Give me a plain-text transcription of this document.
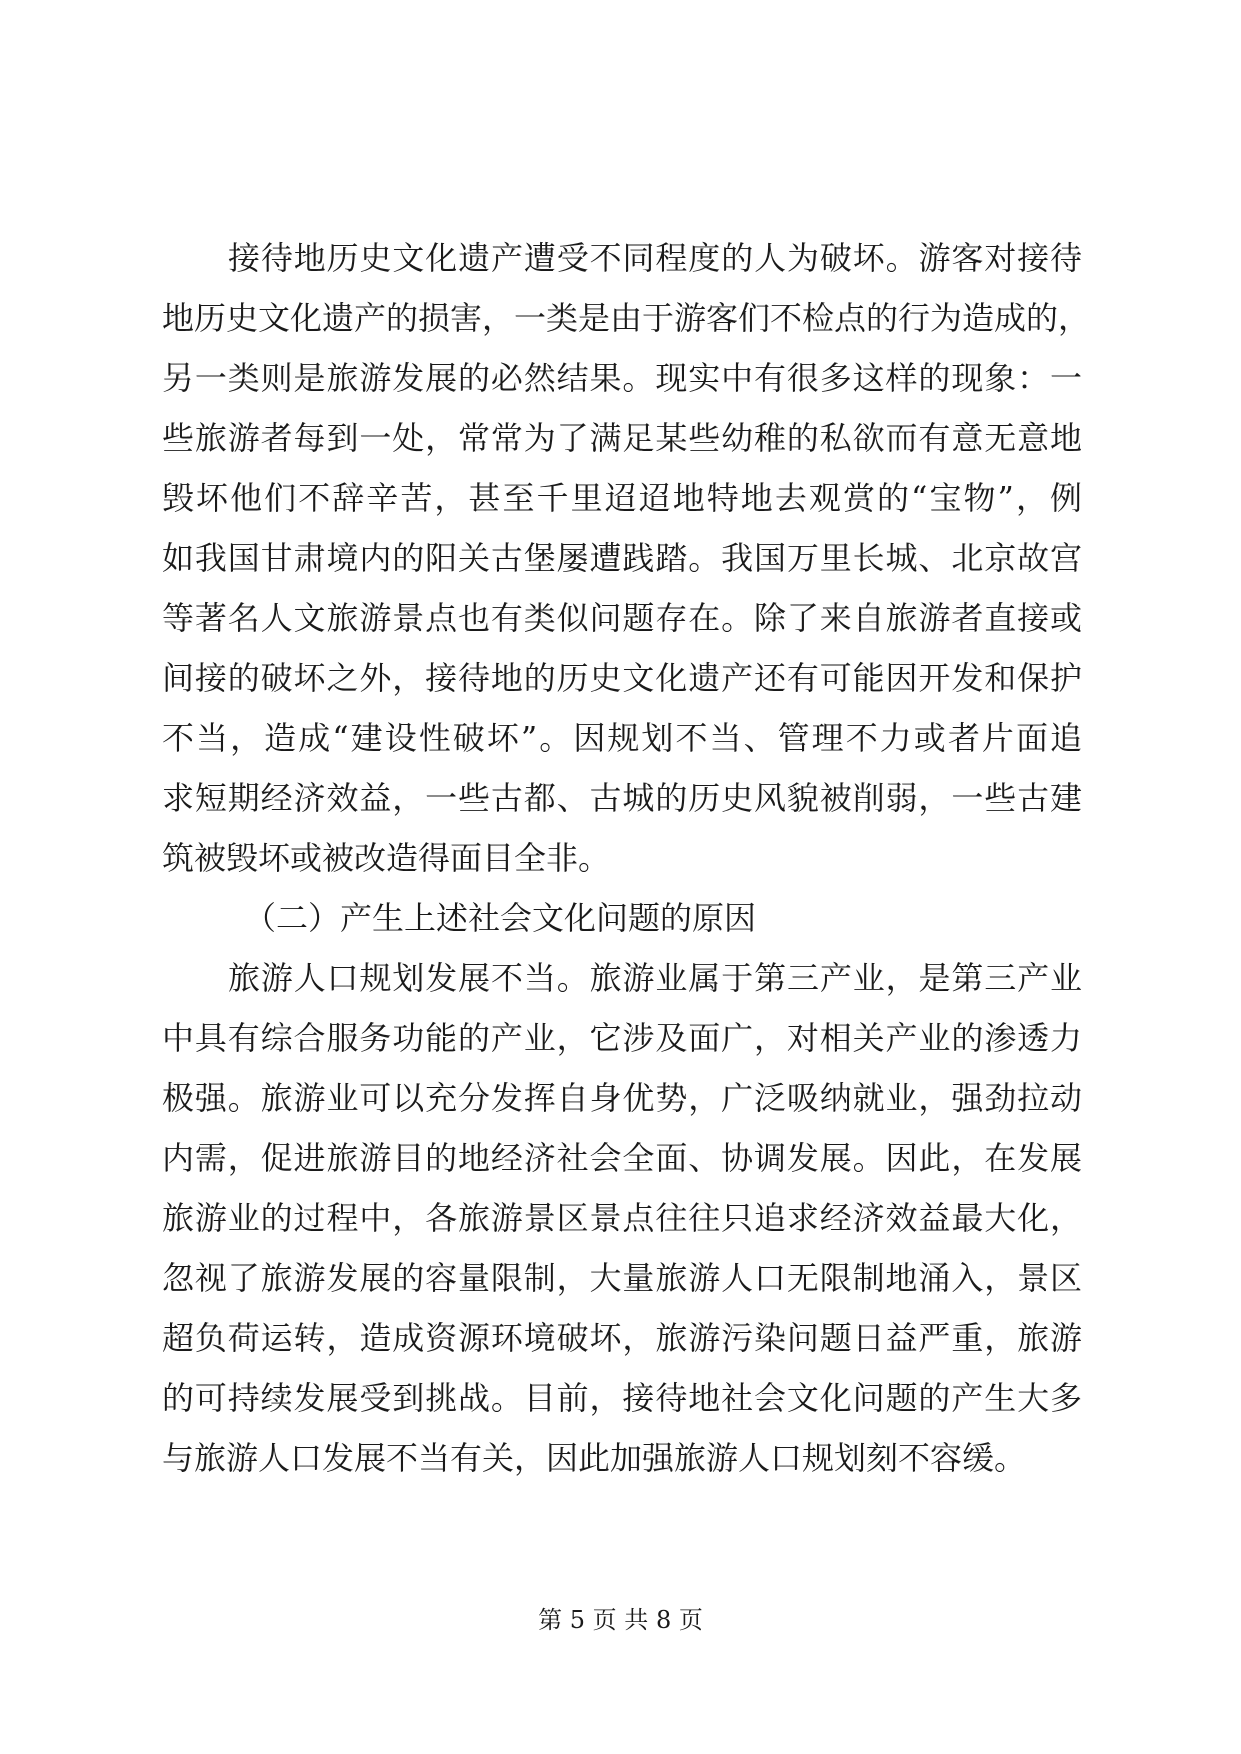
接待地历史文化遗产遭受不同程度的人为破坏。游客对接待
地历史文化遗产的损害，一类是由于游客们不检点的行为造成的，
另一类则是旅游发展的必然结果。现实中有很多这样的现象：一
些旅游者每到一处，常常为了满足某些幼稚的私欲而有意无意地
毁坏他们不辞辛苦，甚至千里迢迢地特地去观赏的“宝物”，例
如我国甘肃境内的阳关古堡屡遭践踏。我国万里长城、北京故宫
等著名人文旅游景点也有类似问题存在。除了来自旅游者直接或
间接的破坏之外，接待地的历史文化遗产还有可能因开发和保护
不当，造成“建设性破坏”。因规划不当、管理不力或者片面追
求短期经济效益，一些古都、古城的历史风貌被削弱，一些古建
筑被毁坏或被改造得面目全非。
（二）产生上述社会文化问题的原因
旅游人口规划发展不当。旅游业属于第三产业，是第三产业
中具有综合服务功能的产业，它涉及面广，对相关产业的渗透力
极强。旅游业可以充分发挥自身优势，广泛吸纳就业，强劲拉动
内需，促进旅游目的地经济社会全面、协调发展。因此，在发展
旅游业的过程中，各旅游景区景点往往只追求经济效益最大化，
忽视了旅游发展的容量限制，大量旅游人口无限制地涌入，景区
超负荷运转，造成资源环境破坏，旅游污染问题日益严重，旅游
的可持续发展受到挑战。目前，接待地社会文化问题的产生大多
与旅游人口发展不当有关，因此加强旅游人口规划刻不容缓。
第 5 页 共 8 页
